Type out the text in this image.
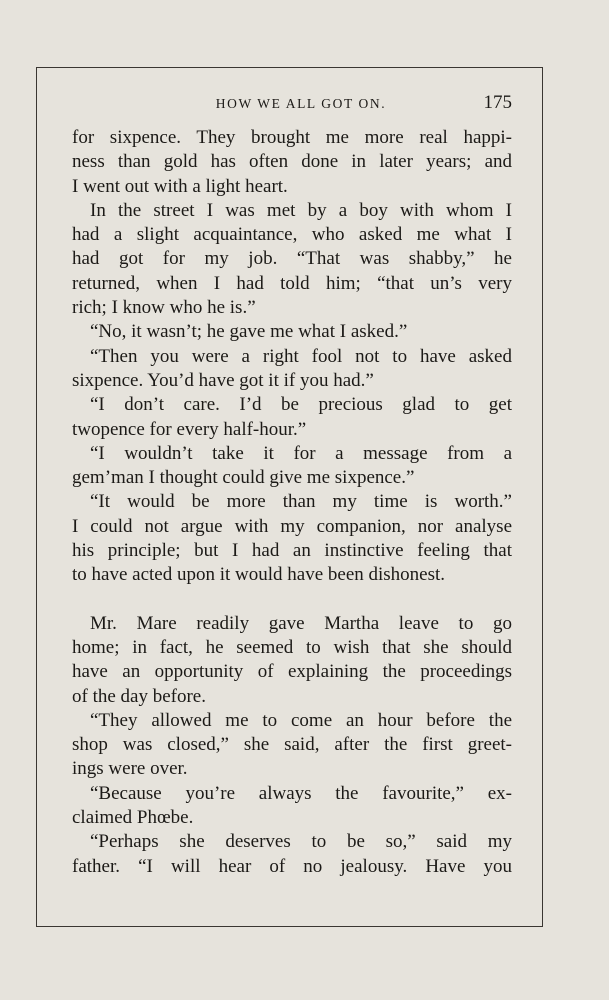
HOW WE ALL GOT ON.	175

for sixpence. They brought me more real happi-

ness than gold has often done in later years; and

I went out with a light heart.

In the street I was met by a boy with whom I

had a slight acquaintance, who asked me what I

had got for my job. “That was shabby,” he

returned, when I had told him; “that un’s very

rich; I know who he is.”

“No, it wasn’t; he gave me what I asked.”

“Then you were a right fool not to have asked

sixpence. You’d have got it if you had.”

“I don’t care. I’d be precious glad to get

twopence for every half-hour.”

“I wouldn’t take it for a message from a

gem’man I thought could give me sixpence.”

“It would be more than my time is worth.”

I could not argue with my companion, nor analyse

his principle; but I had an instinctive feeling that

to have acted upon it would have been dishonest.

Mr. Mare readily gave Martha leave to go

home; in fact, he seemed to wish that she should

have an opportunity of explaining the proceedings

of the day before.

“They allowed me to come an hour before the

shop was closed,” she said, after the first greet-

ings were over.

“Because you’re always the favourite,” ex-

claimed Phœbe.

“Perhaps she deserves to be so,” said my

father. “I will hear of no jealousy. Have you
